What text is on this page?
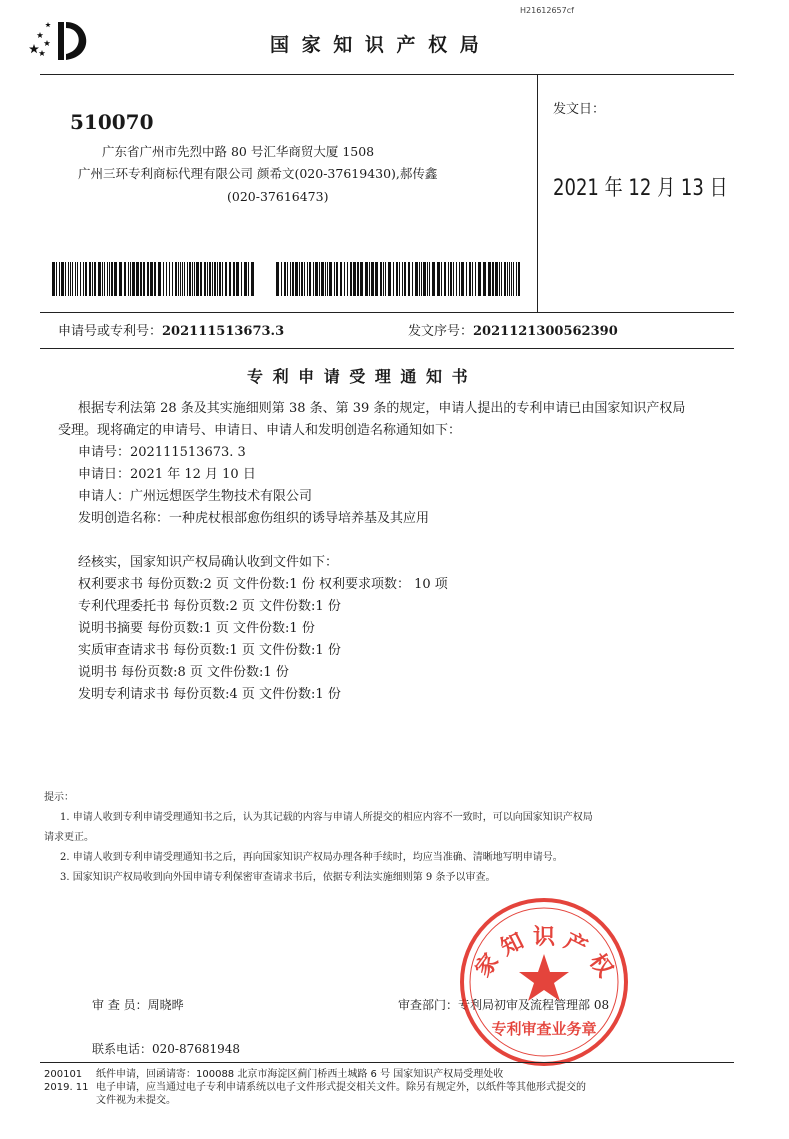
H21612657cf
国 家 知 识 产 权 局
510070
广东省广州市先烈中路 80 号汇华商贸大厦 1508
广州三环专利商标代理有限公司 颜希文(020-37619430),郝传鑫
(020-37616473)
发文日：
2021 年 12 月 13 日
申请号或专利号：202111513673.3	发文序号：2021121300562390
专 利 申 请 受 理 通 知 书
根据专利法第 28 条及其实施细则第 38 条、第 39 条的规定，申请人提出的专利申请已由国家知识产权局
受理。现将确定的申请号、申请日、申请人和发明创造名称通知如下：
申请号：202111513673. 3
申请日：2021 年 12 月 10 日
申请人：广州远想医学生物技术有限公司
发明创造名称：一种虎杖根部愈伤组织的诱导培养基及其应用
经核实，国家知识产权局确认收到文件如下：
权利要求书 每份页数:2 页 文件份数:1 份 权利要求项数： 10 项
专利代理委托书 每份页数:2 页 文件份数:1 份
说明书摘要 每份页数:1 页 文件份数:1 份
实质审查请求书 每份页数:1 页 文件份数:1 份
说明书 每份页数:8 页 文件份数:1 份
发明专利请求书 每份页数:4 页 文件份数:1 份
提示：
1. 申请人收到专利申请受理通知书之后，认为其记载的内容与申请人所提交的相应内容不一致时，可以向国家知识产权局
请求更正。
2. 申请人收到专利申请受理通知书之后，再向国家知识产权局办理各种手续时，均应当准确、清晰地写明申请号。
3. 国家知识产权局收到向外国申请专利保密审查请求书后，依据专利法实施细则第 9 条予以审查。
审 查 员：周晓晔	审查部门：专利局初审及流程管理部 08
联系电话：020-87681948
家 知 识 产 权
专利审查业务章
200101
2019. 11
纸件申请，回函请寄：100088 北京市海淀区蓟门桥西土城路 6 号 国家知识产权局受理处收
电子申请，应当通过电子专利申请系统以电子文件形式提交相关文件。除另有规定外，以纸件等其他形式提交的
文件视为未提交。
